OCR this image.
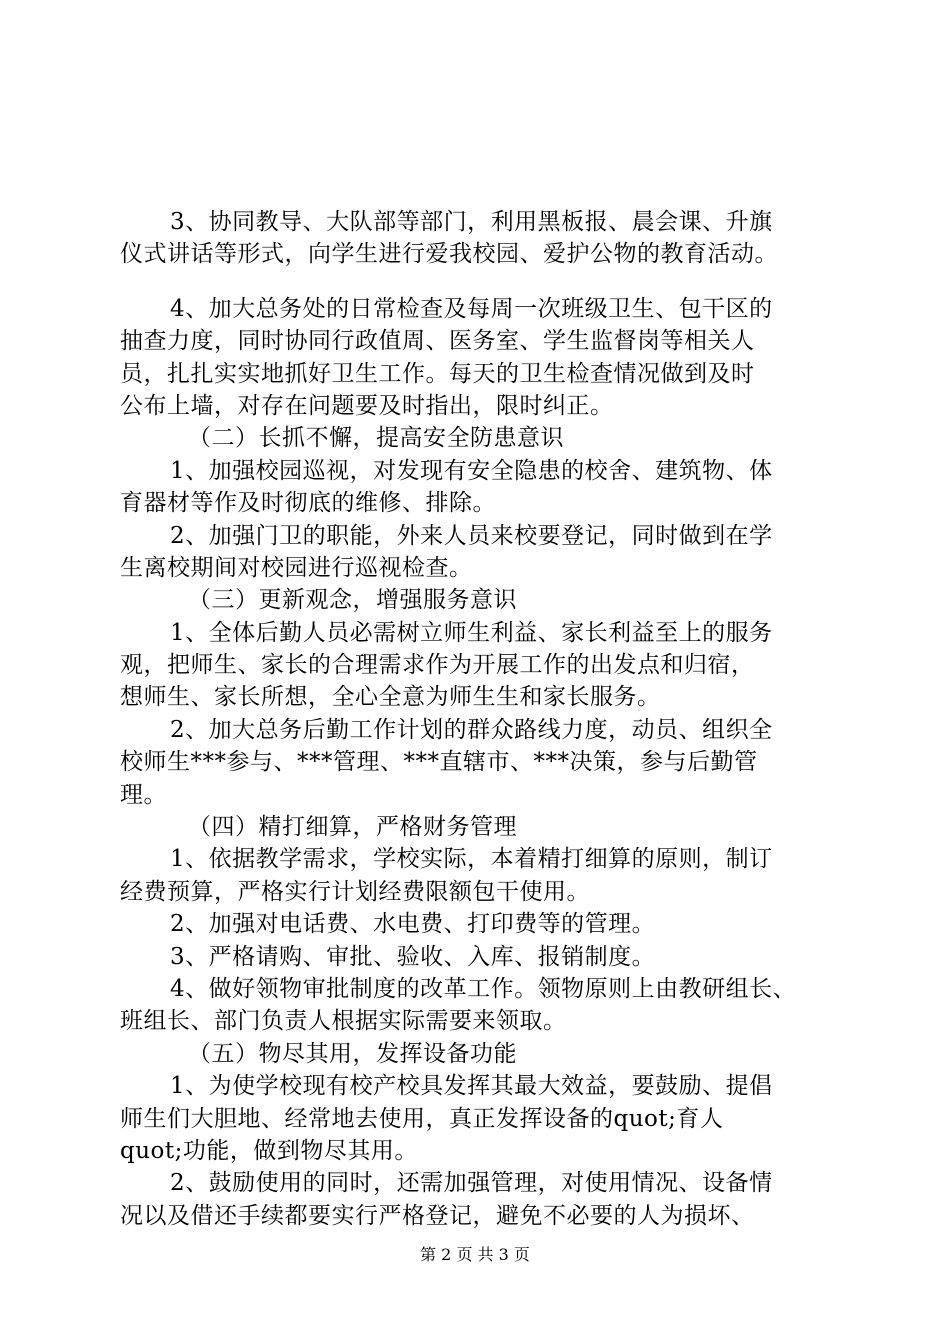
3、协同教导、大队部等部门，利用黑板报、晨会课、升旗
仪式讲话等形式，向学生进行爱我校园、爱护公物的教育活动。
4、加大总务处的日常检查及每周一次班级卫生、包干区的
抽查力度，同时协同行政值周、医务室、学生监督岗等相关人
员，扎扎实实地抓好卫生工作。每天的卫生检查情况做到及时
公布上墙，对存在问题要及时指出，限时纠正。
（二）长抓不懈，提高安全防患意识
1、加强校园巡视，对发现有安全隐患的校舍、建筑物、体
育器材等作及时彻底的维修、排除。
2、加强门卫的职能，外来人员来校要登记，同时做到在学
生离校期间对校园进行巡视检查。
（三）更新观念，增强服务意识
1、全体后勤人员必需树立师生利益、家长利益至上的服务
观，把师生、家长的合理需求作为开展工作的出发点和归宿，
想师生、家长所想，全心全意为师生生和家长服务。
2、加大总务后勤工作计划的群众路线力度，动员、组织全
校师生***参与、***管理、***直辖市、***决策，参与后勤管
理。
（四）精打细算，严格财务管理
1、依据教学需求，学校实际，本着精打细算的原则，制订
经费预算，严格实行计划经费限额包干使用。
2、加强对电话费、水电费、打印费等的管理。
3、严格请购、审批、验收、入库、报销制度。
4、做好领物审批制度的改革工作。领物原则上由教研组长、
班组长、部门负责人根据实际需要来领取。
（五）物尽其用，发挥设备功能
1、为使学校现有校产校具发挥其最大效益，要鼓励、提倡
师生们大胆地、经常地去使用，真正发挥设备的quot;育人
quot;功能，做到物尽其用。
2、鼓励使用的同时，还需加强管理，对使用情况、设备情
况以及借还手续都要实行严格登记，避免不必要的人为损坏、
第 2 页 共 3 页
